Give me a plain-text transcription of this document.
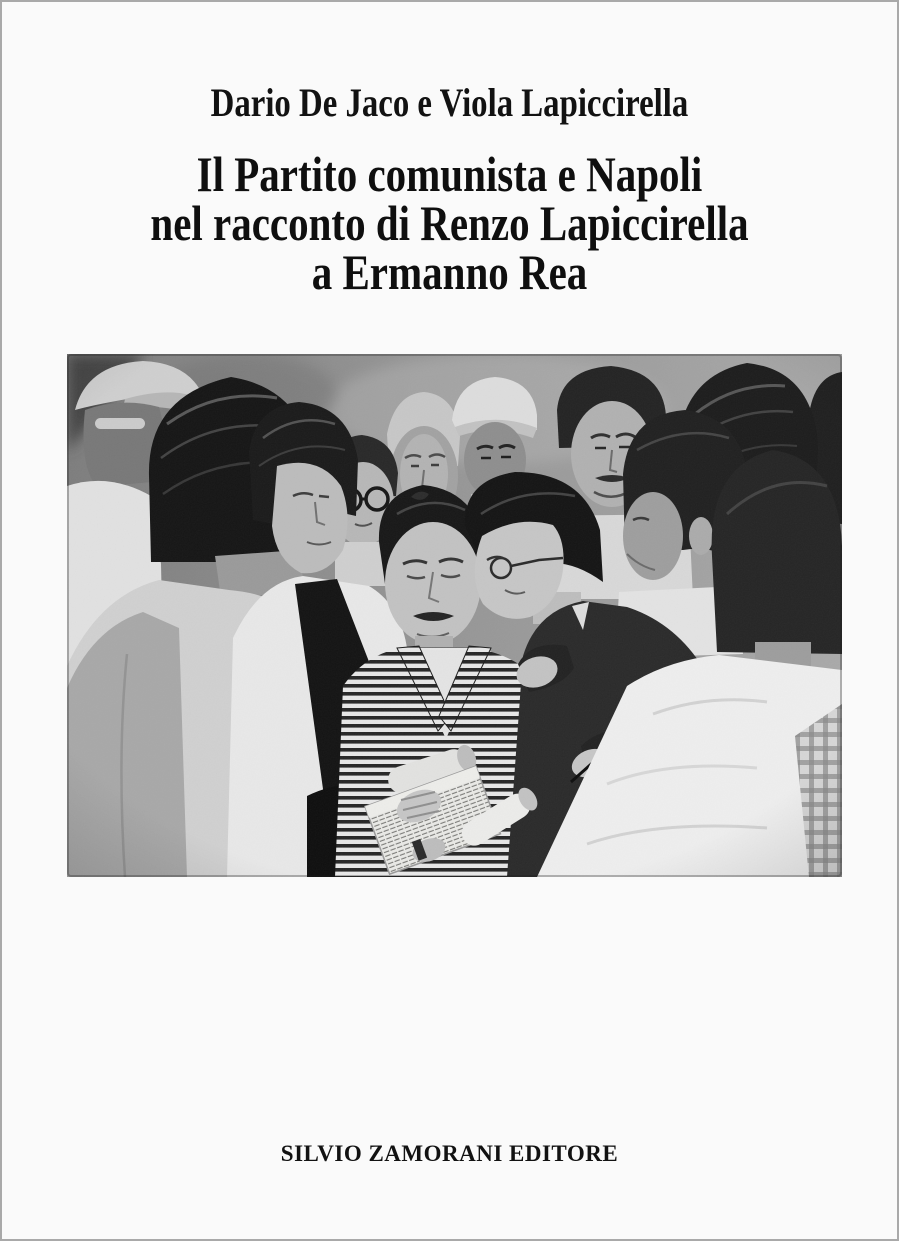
Dario De Jaco e Viola Lapiccirella
Il Partito comunista e Napoli
nel racconto di Renzo Lapiccirella
a Ermanno Rea
SILVIO ZAMORANI EDITORE
